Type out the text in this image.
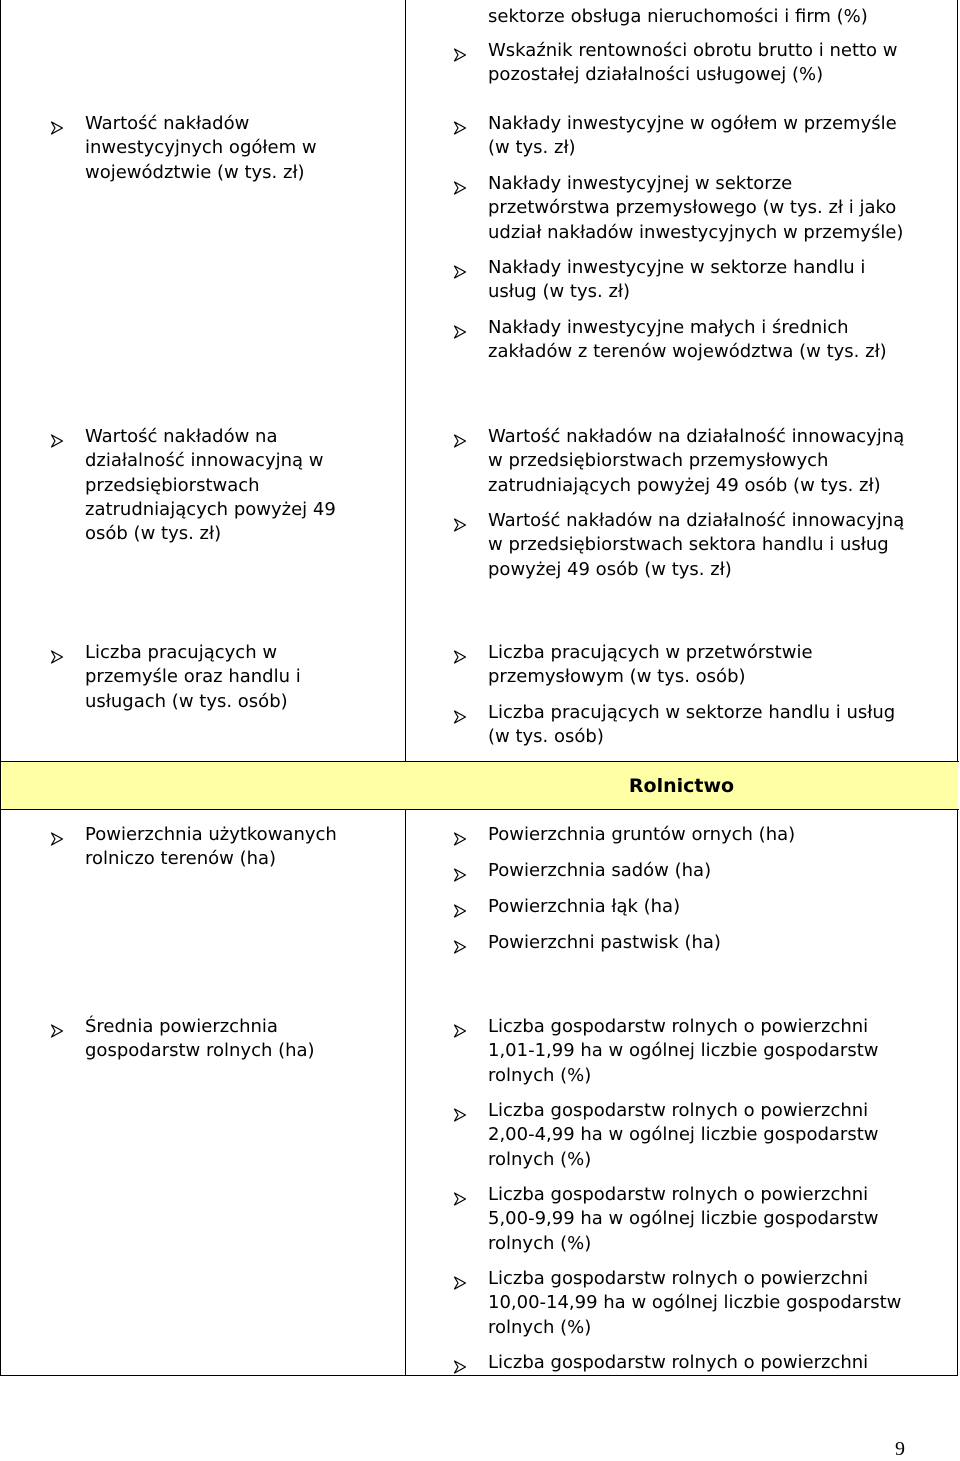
Rolnictwo
sektorze obsługa nieruchomości i firm (%)
Wskaźnik rentowności obrotu brutto i netto w
pozostałej działalności usługowej (%)
Wartość nakładów
inwestycyjnych ogółem w
województwie (w tys. zł)
Nakłady inwestycyjne w ogółem w przemyśle
(w tys. zł)
Nakłady inwestycyjnej w sektorze
przetwórstwa przemysłowego (w tys. zł i jako
udział nakładów inwestycyjnych w przemyśle)
Nakłady inwestycyjne w sektorze handlu i
usług (w tys. zł)
Nakłady inwestycyjne małych i średnich
zakładów z terenów województwa (w tys. zł)
Wartość nakładów na
działalność innowacyjną w
przedsiębiorstwach
zatrudniających powyżej 49
osób (w tys. zł)
Wartość nakładów na działalność innowacyjną
w przedsiębiorstwach przemysłowych
zatrudniających powyżej 49 osób (w tys. zł)
Wartość nakładów na działalność innowacyjną
w przedsiębiorstwach sektora handlu i usług
powyżej 49 osób (w tys. zł)
Liczba pracujących w
przemyśle oraz handlu i
usługach (w tys. osób)
Liczba pracujących w przetwórstwie
przemysłowym (w tys. osób)
Liczba pracujących w sektorze handlu i usług
(w tys. osób)
Powierzchnia użytkowanych
rolniczo terenów (ha)
Powierzchnia gruntów ornych (ha)
Powierzchnia sadów (ha)
Powierzchnia łąk (ha)
Powierzchni pastwisk (ha)
Średnia powierzchnia
gospodarstw rolnych (ha)
Liczba gospodarstw rolnych o powierzchni
1,01-1,99 ha w ogólnej liczbie gospodarstw
rolnych (%)
Liczba gospodarstw rolnych o powierzchni
2,00-4,99 ha w ogólnej liczbie gospodarstw
rolnych (%)
Liczba gospodarstw rolnych o powierzchni
5,00-9,99 ha w ogólnej liczbie gospodarstw
rolnych (%)
Liczba gospodarstw rolnych o powierzchni
10,00-14,99 ha w ogólnej liczbie gospodarstw
rolnych (%)
Liczba gospodarstw rolnych o powierzchni
9
